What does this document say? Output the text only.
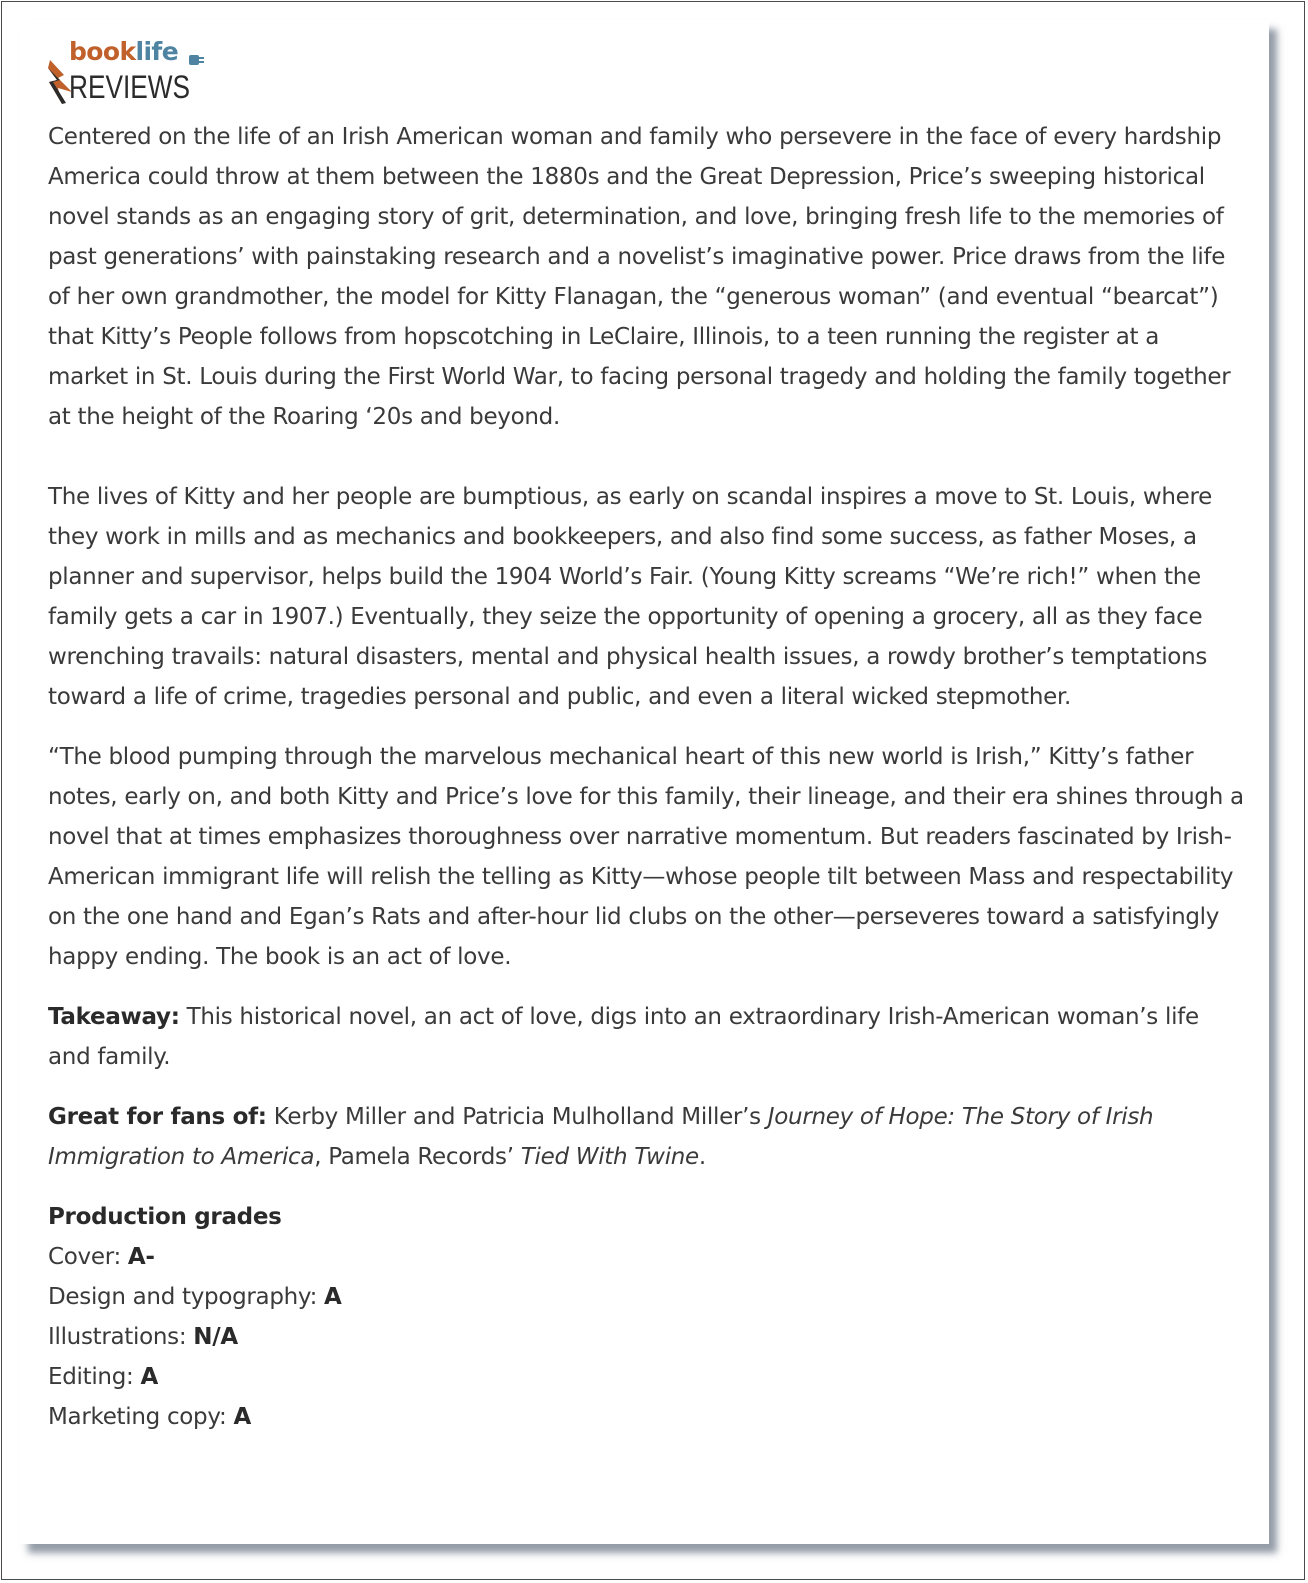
booklife
REVIEWS

Centered on the life of an Irish American woman and family who persevere in the face of every hardship America could throw at them between the 1880s and the Great Depression, Price’s sweeping historical novel stands as an engaging story of grit, determination, and love, bringing fresh life to the memories of past generations’ with painstaking research and a novelist’s imaginative power. Price draws from the life of her own grandmother, the model for Kitty Flanagan, the “generous woman” (and eventual “bearcat”) that Kitty’s People follows from hopscotching in LeClaire, Illinois, to a teen running the register at a market in St. Louis during the First World War, to facing personal tragedy and holding the family together at the height of the Roaring ‘20s and beyond.

The lives of Kitty and her people are bumptious, as early on scandal inspires a move to St. Louis, where they work in mills and as mechanics and bookkeepers, and also find some success, as father Moses, a planner and supervisor, helps build the 1904 World’s Fair. (Young Kitty screams “We’re rich!” when the family gets a car in 1907.) Eventually, they seize the opportunity of opening a grocery, all as they face wrenching travails: natural disasters, mental and physical health issues, a rowdy brother’s temptations toward a life of crime, tragedies personal and public, and even a literal wicked stepmother.

“The blood pumping through the marvelous mechanical heart of this new world is Irish,” Kitty’s father notes, early on, and both Kitty and Price’s love for this family, their lineage, and their era shines through a novel that at times emphasizes thoroughness over narrative momentum. But readers fascinated by Irish-American immigrant life will relish the telling as Kitty—whose people tilt between Mass and respectability on the one hand and Egan’s Rats and after-hour lid clubs on the other—perseveres toward a satisfyingly happy ending. The book is an act of love.

Takeaway: This historical novel, an act of love, digs into an extraordinary Irish-American woman’s life and family.

Great for fans of: Kerby Miller and Patricia Mulholland Miller’s Journey of Hope: The Story of Irish Immigration to America, Pamela Records’ Tied With Twine.

Production grades
Cover: A-
Design and typography: A
Illustrations: N/A
Editing: A
Marketing copy: A
